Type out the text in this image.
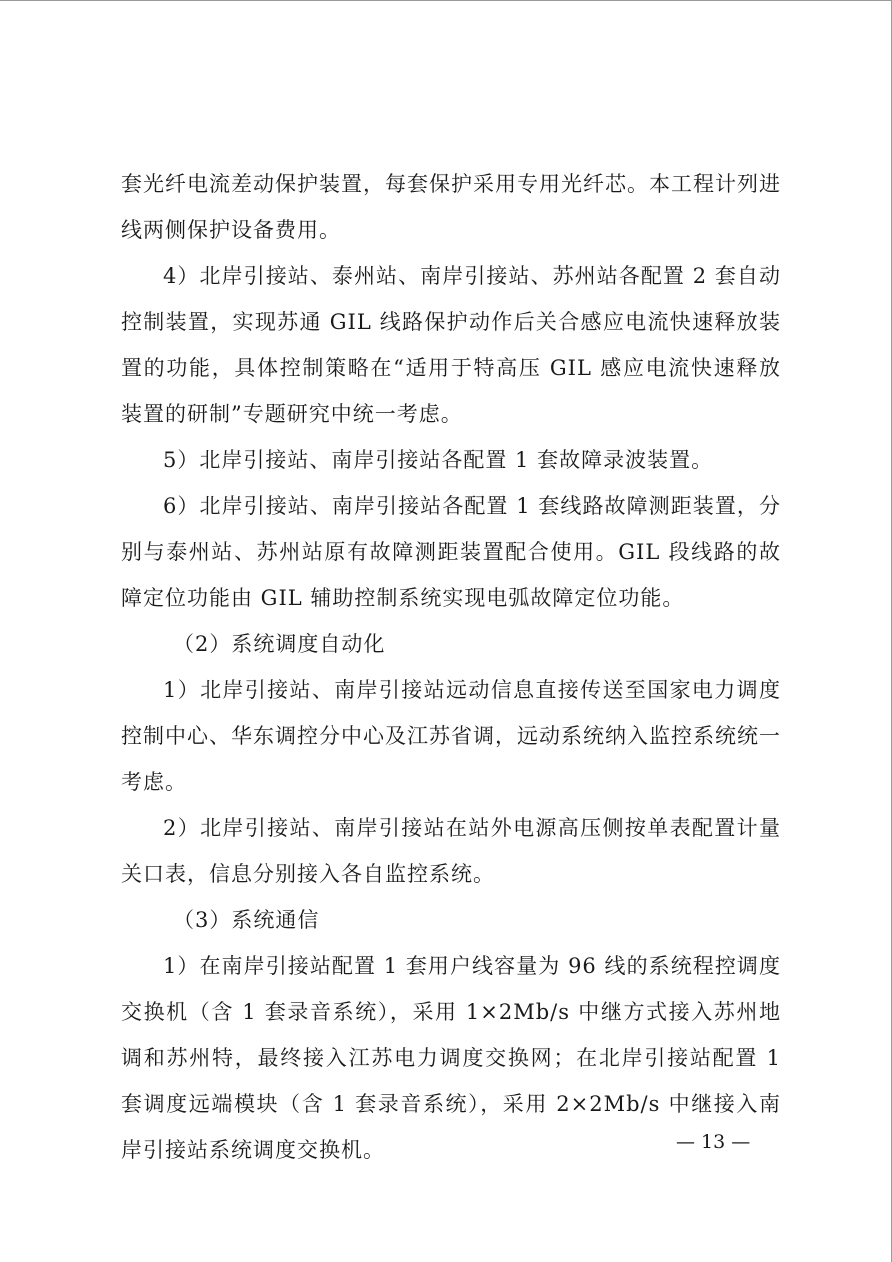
套光纤电流差动保护装置，每套保护采用专用光纤芯。本工程计列进线两侧保护设备费用。

4）北岸引接站、泰州站、南岸引接站、苏州站各配置 2 套自动控制装置，实现苏通 GIL 线路保护动作后关合感应电流快速释放装置的功能，具体控制策略在“适用于特高压 GIL 感应电流快速释放装置的研制”专题研究中统一考虑。

5）北岸引接站、南岸引接站各配置 1 套故障录波装置。

6）北岸引接站、南岸引接站各配置 1 套线路故障测距装置，分别与泰州站、苏州站原有故障测距装置配合使用。GIL 段线路的故障定位功能由 GIL 辅助控制系统实现电弧故障定位功能。

（2）系统调度自动化

1）北岸引接站、南岸引接站远动信息直接传送至国家电力调度控制中心、华东调控分中心及江苏省调，远动系统纳入监控系统统一考虑。

2）北岸引接站、南岸引接站在站外电源高压侧按单表配置计量关口表，信息分别接入各自监控系统。

（3）系统通信

1）在南岸引接站配置 1 套用户线容量为 96 线的系统程控调度交换机（含 1 套录音系统），采用 1×2Mb/s 中继方式接入苏州地调和苏州特，最终接入江苏电力调度交换网；在北岸引接站配置 1 套调度远端模块（含 1 套录音系统），采用 2×2Mb/s 中继接入南岸引接站系统调度交换机。	— 13 —
